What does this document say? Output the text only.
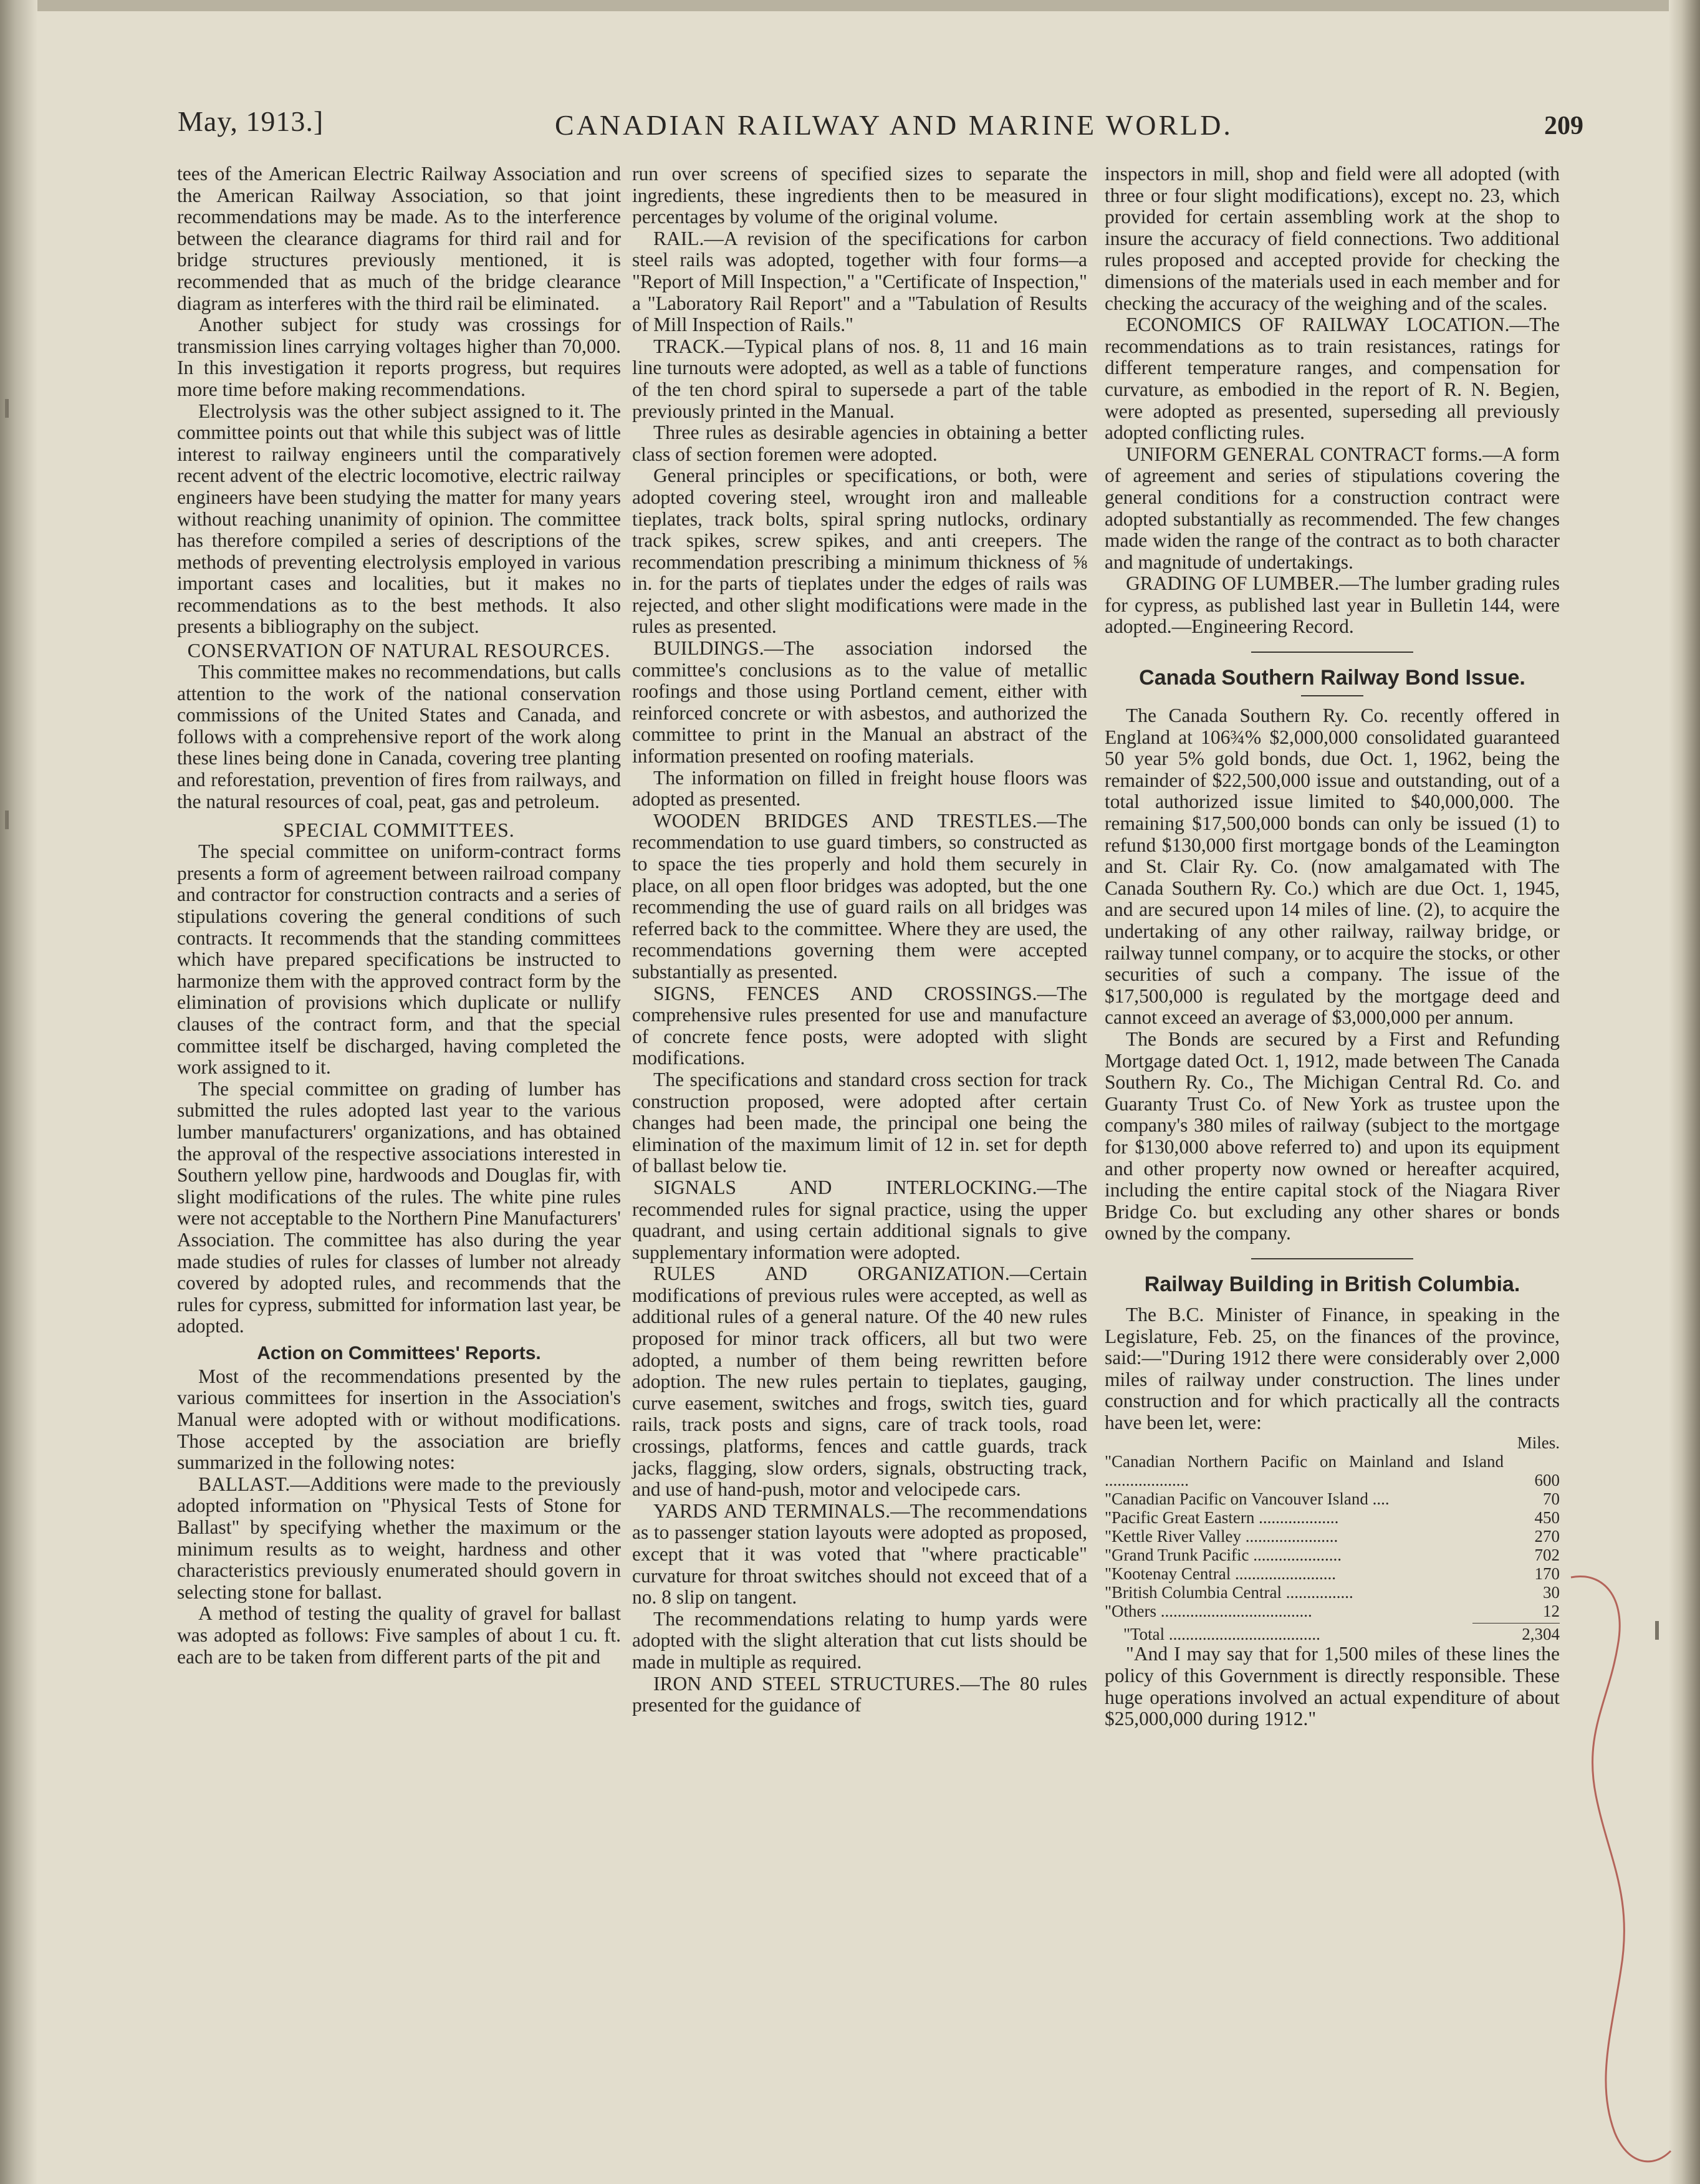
May, 1913.]	CANADIAN RAILWAY AND MARINE WORLD.	209

tees of the American Electric Railway Association and the American Railway Association, so that joint recommendations may be made. As to the interference between the clearance diagrams for third rail and for bridge structures previously mentioned, it is recommended that as much of the bridge clearance diagram as interferes with the third rail be eliminated.

Another subject for study was crossings for transmission lines carrying voltages higher than 70,000. In this investigation it reports progress, but requires more time before making recommendations.

Electrolysis was the other subject assigned to it. The committee points out that while this subject was of little interest to railway engineers until the comparatively recent advent of the electric locomotive, electric railway engineers have been studying the matter for many years without reaching unanimity of opinion. The committee has therefore compiled a series of descriptions of the methods of preventing electrolysis employed in various important cases and localities, but it makes no recommendations as to the best methods. It also presents a bibliography on the subject.

CONSERVATION OF NATURAL RESOURCES.

This committee makes no recommendations, but calls attention to the work of the national conservation commissions of the United States and Canada, and follows with a comprehensive report of the work along these lines being done in Canada, covering tree planting and reforestation, prevention of fires from railways, and the natural resources of coal, peat, gas and petroleum.

SPECIAL COMMITTEES.

The special committee on uniform-contract forms presents a form of agreement between railroad company and contractor for construction contracts and a series of stipulations covering the general conditions of such contracts. It recommends that the standing committees which have prepared specifications be instructed to harmonize them with the approved contract form by the elimination of provisions which duplicate or nullify clauses of the contract form, and that the special committee itself be discharged, having completed the work assigned to it.

The special committee on grading of lumber has submitted the rules adopted last year to the various lumber manufacturers' organizations, and has obtained the approval of the respective associations interested in Southern yellow pine, hardwoods and Douglas fir, with slight modifications of the rules. The white pine rules were not acceptable to the Northern Pine Manufacturers' Association. The committee has also during the year made studies of rules for classes of lumber not already covered by adopted rules, and recommends that the rules for cypress, submitted for information last year, be adopted.

Action on Committees' Reports.

Most of the recommendations presented by the various committees for insertion in the Association's Manual were adopted with or without modifications. Those accepted by the association are briefly summarized in the following notes:

BALLAST.—Additions were made to the previously adopted information on "Physical Tests of Stone for Ballast" by specifying whether the maximum or the minimum results as to weight, hardness and other characteristics previously enumerated should govern in selecting stone for ballast.

A method of testing the quality of gravel for ballast was adopted as follows: Five samples of about 1 cu. ft. each are to be taken from different parts of the pit and

run over screens of specified sizes to separate the ingredients, these ingredients then to be measured in percentages by volume of the original volume.

RAIL.—A revision of the specifications for carbon steel rails was adopted, together with four forms—a "Report of Mill Inspection," a "Certificate of Inspection," a "Laboratory Rail Report" and a "Tabulation of Results of Mill Inspection of Rails."

TRACK.—Typical plans of nos. 8, 11 and 16 main line turnouts were adopted, as well as a table of functions of the ten chord spiral to supersede a part of the table previously printed in the Manual.

Three rules as desirable agencies in obtaining a better class of section foremen were adopted.

General principles or specifications, or both, were adopted covering steel, wrought iron and malleable tieplates, track bolts, spiral spring nutlocks, ordinary track spikes, screw spikes, and anti creepers. The recommendation prescribing a minimum thickness of ⅝ in. for the parts of tieplates under the edges of rails was rejected, and other slight modifications were made in the rules as presented.

BUILDINGS.—The association indorsed the committee's conclusions as to the value of metallic roofings and those using Portland cement, either with reinforced concrete or with asbestos, and authorized the committee to print in the Manual an abstract of the information presented on roofing materials.

The information on filled in freight house floors was adopted as presented.

WOODEN BRIDGES AND TRESTLES.—The recommendation to use guard timbers, so constructed as to space the ties properly and hold them securely in place, on all open floor bridges was adopted, but the one recommending the use of guard rails on all bridges was referred back to the committee. Where they are used, the recommendations governing them were accepted substantially as presented.

SIGNS, FENCES AND CROSSINGS.—The comprehensive rules presented for use and manufacture of concrete fence posts, were adopted with slight modifications.

The specifications and standard cross section for track construction proposed, were adopted after certain changes had been made, the principal one being the elimination of the maximum limit of 12 in. set for depth of ballast below tie.

SIGNALS AND INTERLOCKING.—The recommended rules for signal practice, using the upper quadrant, and using certain additional signals to give supplementary information were adopted.

RULES AND ORGANIZATION.—Certain modifications of previous rules were accepted, as well as additional rules of a general nature. Of the 40 new rules proposed for minor track officers, all but two were adopted, a number of them being rewritten before adoption. The new rules pertain to tieplates, gauging, curve easement, switches and frogs, switch ties, guard rails, track posts and signs, care of track tools, road crossings, platforms, fences and cattle guards, track jacks, flagging, slow orders, signals, obstructing track, and use of hand-push, motor and velocipede cars.

YARDS AND TERMINALS.—The recommendations as to passenger station layouts were adopted as proposed, except that it was voted that "where practicable" curvature for throat switches should not exceed that of a no. 8 slip on tangent.

The recommendations relating to hump yards were adopted with the slight alteration that cut lists should be made in multiple as required.

IRON AND STEEL STRUCTURES.—The 80 rules presented for the guidance of

inspectors in mill, shop and field were all adopted (with three or four slight modifications), except no. 23, which provided for certain assembling work at the shop to insure the accuracy of field connections. Two additional rules proposed and accepted provide for checking the dimensions of the materials used in each member and for checking the accuracy of the weighing and of the scales.

ECONOMICS OF RAILWAY LOCATION.—The recommendations as to train resistances, ratings for different temperature ranges, and compensation for curvature, as embodied in the report of R. N. Begien, were adopted as presented, superseding all previously adopted conflicting rules.

UNIFORM GENERAL CONTRACT forms.—A form of agreement and series of stipulations covering the general conditions for a construction contract were adopted substantially as recommended. The few changes made widen the range of the contract as to both character and magnitude of undertakings.

GRADING OF LUMBER.—The lumber grading rules for cypress, as published last year in Bulletin 144, were adopted.—Engineering Record.

Canada Southern Railway Bond Issue.

The Canada Southern Ry. Co. recently offered in England at 106¾% $2,000,000 consolidated guaranteed 50 year 5% gold bonds, due Oct. 1, 1962, being the remainder of $22,500,000 issue and outstanding, out of a total authorized issue limited to $40,000,000. The remaining $17,500,000 bonds can only be issued (1) to refund $130,000 first mortgage bonds of the Leamington and St. Clair Ry. Co. (now amalgamated with The Canada Southern Ry. Co.) which are due Oct. 1, 1945, and are secured upon 14 miles of line. (2), to acquire the undertaking of any other railway, railway bridge, or railway tunnel company, or to acquire the stocks, or other securities of such a company. The issue of the $17,500,000 is regulated by the mortgage deed and cannot exceed an average of $3,000,000 per annum.

The Bonds are secured by a First and Refunding Mortgage dated Oct. 1, 1912, made between The Canada Southern Ry. Co., The Michigan Central Rd. Co. and Guaranty Trust Co. of New York as trustee upon the company's 380 miles of railway (subject to the mortgage for $130,000 above referred to) and upon its equipment and other property now owned or hereafter acquired, including the entire capital stock of the Niagara River Bridge Co. but excluding any other shares or bonds owned by the company.

Railway Building in British Columbia.

The B.C. Minister of Finance, in speaking in the Legislature, Feb. 25, on the finances of the province, said:—"During 1912 there were considerably over 2,000 miles of railway under construction. The lines under construction and for which practically all the contracts have been let, were:

Miles.
"Canadian Northern Pacific on Mainland and Island ....................	600
"Canadian Pacific on Vancouver Island ....	70
"Pacific Great Eastern ...................	450
"Kettle River Valley ......................	270
"Grand Trunk Pacific .....................	702
"Kootenay Central ........................	170
"British Columbia Central ................	30
"Others ....................................	12
"Total ....................................	2,304

"And I may say that for 1,500 miles of these lines the policy of this Government is directly responsible. These huge operations involved an actual expenditure of about $25,000,000 during 1912."
